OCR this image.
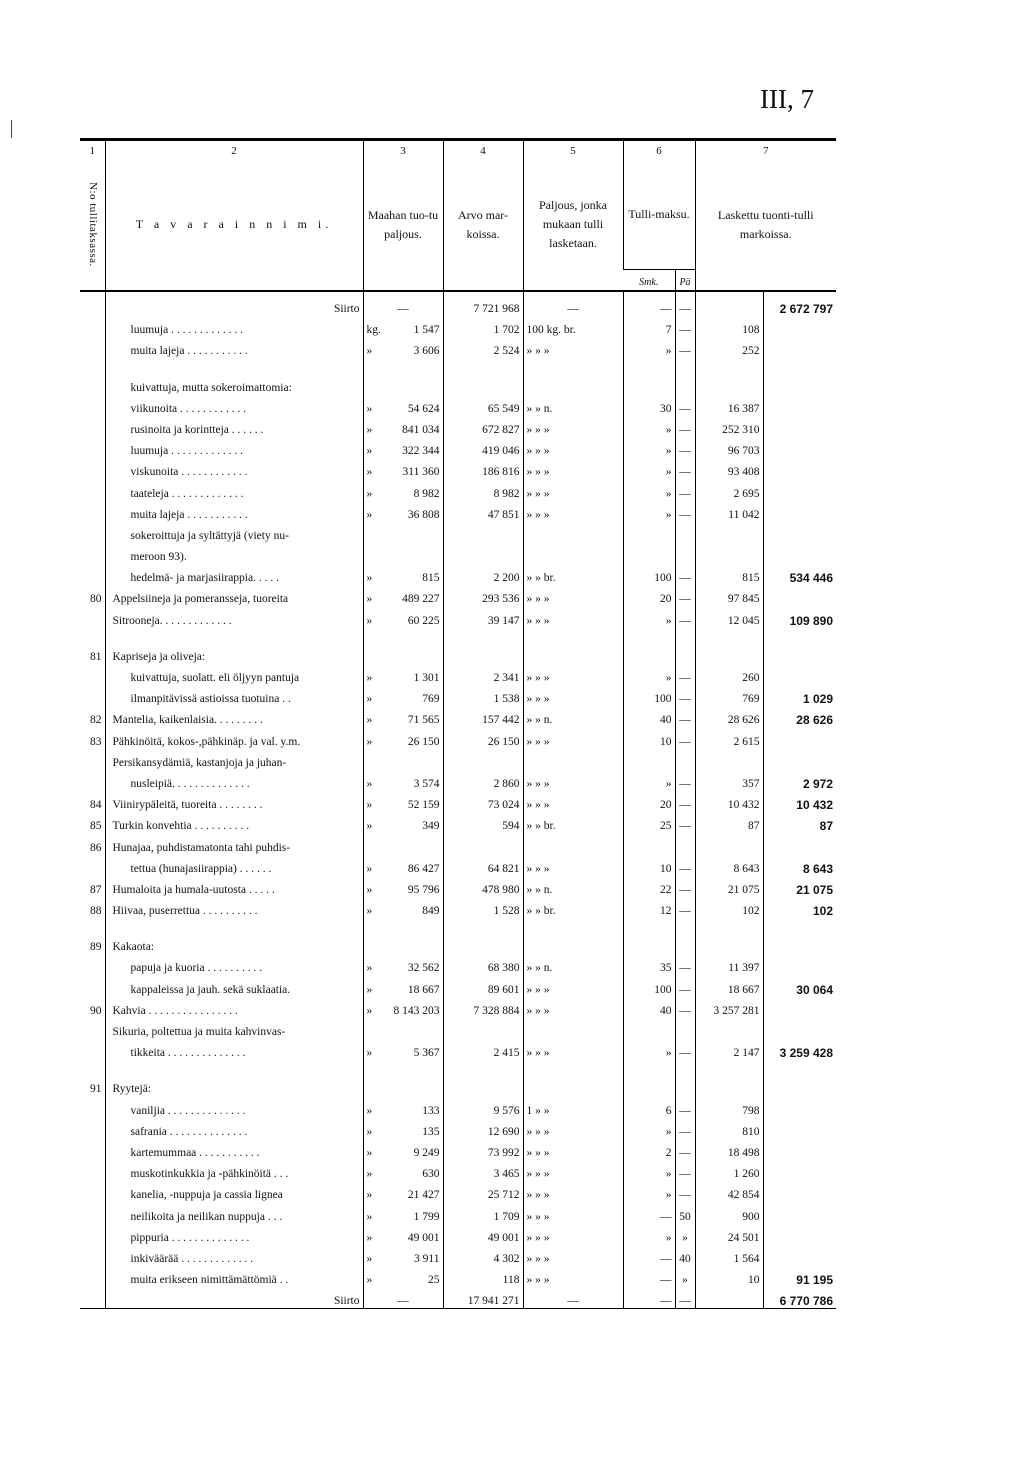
III, 7
1	2	3	4	5	6		7	

N:o tullitaksassa.	T a v a r a i n n i m i.	Maahan tuo-tu paljous.	Arvo mar-koissa.	Paljous, jonka mukaan tulli lasketaan.	Tulli-maksu.		Laskettu tuonti-tulli markoissa.	
					Smk.	Pä		
	Siirto	—	7 721 968	—	—	—		2 672 797
	luumuja . . . . . . . . . . . . .	kg. 1 547	1 702	100 kg. br.	7	—	108	
	muita lajeja . . . . . . . . . . .	» 3 606	2 524	» » »	»	—	252	

	kuivattuja, mutta sokeroimattomia:							
	viikunoita . . . . . . . . . . . .	» 54 624	65 549	» » n.	30	—	16 387	
	rusinoita ja korintteja . . . . . .	» 841 034	672 827	» » »	»	—	252 310	
	luumuja . . . . . . . . . . . . .	» 322 344	419 046	» » »	»	—	96 703	
	viskunoita . . . . . . . . . . . .	» 311 360	186 816	» » »	»	—	93 408	
	taateleja . . . . . . . . . . . . .	» 8 982	8 982	» » »	»	—	2 695	
	muita lajeja . . . . . . . . . . .	» 36 808	47 851	» » »	»	—	11 042	
	sokeroittuja ja syltättyjä (viety nu-							
	meroon 93).							
	hedelmä- ja marjasiirappia. . . . .	» 815	2 200	» » br.	100	—	815	534 446
80	Appelsiineja ja pomeransseja, tuoreita	» 489 227	293 536	» » »	20	—	97 845	
	Sitrooneja. . . . . . . . . . . . .	» 60 225	39 147	» » »	»	—	12 045	109 890

81	Kapriseja ja oliveja:							
	kuivattuja, suolatt. eli öljyyn pantuja	» 1 301	2 341	» » »	»	—	260	
	ilmanpitävissä astioissa tuotuina . .	» 769	1 538	» » »	100	—	769	1 029
82	Mantelia, kaikenlaisia. . . . . . . . .	» 71 565	157 442	» » n.	40	—	28 626	28 626
83	Pähkinöitä, kokos-,pähkinäp. ja val. y.m.	» 26 150	26 150	» » »	10	—	2 615	
	Persikansydämiä, kastanjoja ja juhan-							
	nusleipiä. . . . . . . . . . . . . .	» 3 574	2 860	» » »	»	—	357	2 972
84	Viinirypäleitä, tuoreita . . . . . . . .	» 52 159	73 024	» » »	20	—	10 432	10 432
85	Turkin konvehtia . . . . . . . . . .	» 349	594	» » br.	25	—	87	87
86	Hunajaa, puhdistamatonta tahi puhdis-							
	tettua (hunajasiirappia) . . . . . .	» 86 427	64 821	» » »	10	—	8 643	8 643
87	Humaloita ja humala-uutosta . . . . .	» 95 796	478 980	» » n.	22	—	21 075	21 075
88	Hiivaa, puserrettua . . . . . . . . . .	» 849	1 528	» » br.	12	—	102	102

89	Kakaota:							
	papuja ja kuoria . . . . . . . . . .	» 32 562	68 380	» » n.	35	—	11 397	
	kappaleissa ja jauh. sekä suklaatia.	» 18 667	89 601	» » »	100	—	18 667	30 064
90	Kahvia . . . . . . . . . . . . . . . .	» 8 143 203	7 328 884	» » »	40	—	3 257 281	
	Sikuria, poltettua ja muita kahvinvas-							
	tikkeita . . . . . . . . . . . . . .	» 5 367	2 415	» » »	»	—	2 147	3 259 428

91	Ryytejä:							
	vaniljia . . . . . . . . . . . . . .	» 133	9 576	1 » »	6	—	798	
	safrania . . . . . . . . . . . . . .	» 135	12 690	» » »	»	—	810	
	kartemummaa . . . . . . . . . . .	» 9 249	73 992	» » »	2	—	18 498	
	muskotinkukkia ja -pähkinöitä . . .	» 630	3 465	» » »	»	—	1 260	
	kanelia, -nuppuja ja cassia lignea	» 21 427	25 712	» » »	»	—	42 854	
	neilikoita ja neilikan nuppuja . . .	» 1 799	1 709	» » »	—	50	900	
	pippuria . . . . . . . . . . . . . .	» 49 001	49 001	» » »	»	»	24 501	
	inkiväärää . . . . . . . . . . . . .	» 3 911	4 302	» » »	—	40	1 564	
	muita erikseen nimittämättömiä . .	» 25	118	» » »	—	»	10	91 195
	Siirto	—	17 941 271	—	—	—		6 770 786
